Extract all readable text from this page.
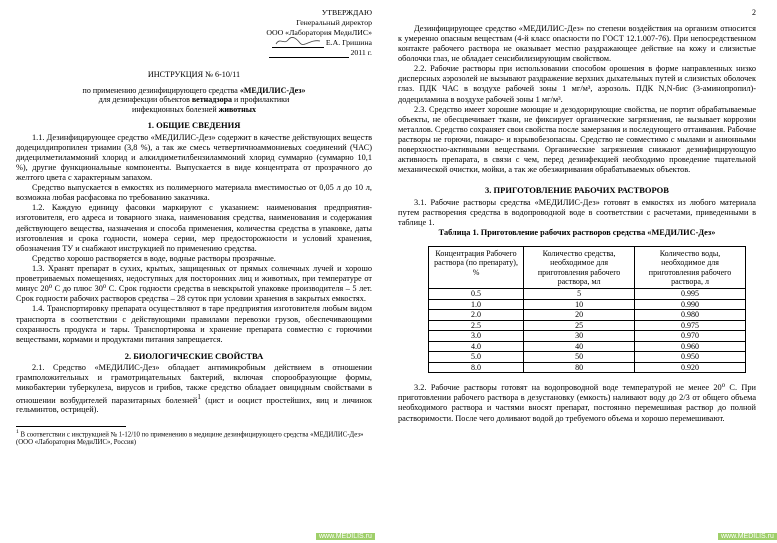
УТВЕРЖДАЮ
Генеральный директор
ООО «Лаборатория МедиЛИС»
Е.А. Гришина
2011 г.
ИНСТРУКЦИЯ № 6-10/11
по применению дезинфицирующего средства «МЕДИЛИС-Дез»
для дезинфекции объектов ветнадзора и профилактики
инфекционных болезней животных
1. ОБЩИЕ СВЕДЕНИЯ

1.1. Дезинфицирующее средство «МЕДИЛИС-Дез» содержит в качестве действующих веществ додецилдипропилен триамин (3,8 %), а так же смесь четвертичноаммониевых соединений (ЧАС) дидецилметиламмоний хлорид и алкилдиметилбензиламмоний хлорид суммарно (суммарно 10,1 %), другие функциональные компоненты. Выпускается в виде концентрата от прозрачного до желтого цвета с характерным запахом.

Средство выпускается в емкостях из полимерного материала вместимостью от 0,05 л до 10 л, возможна любая расфасовка по требованию заказчика.

1.2. Каждую единицу фасовки маркируют с указанием: наименования предприятия-изготовителя, его адреса и товарного знака, наименования средства, наименования и содержания действующего вещества, назначения и способа применения, количества средства в упаковке, даты изготовления и срока годности, номера серии, мер предосторожности и условий хранения, обозначения ТУ и снабжают инструкцией по применению средства.

Средство хорошо растворяется в воде, водные растворы прозрачные.

1.3. Хранят препарат в сухих, крытых, защищенных от прямых солнечных лучей и хорошо проветриваемых помещениях, недоступных для посторонних лиц и животных, при температуре от минус 20⁰ С до плюс 30⁰ С. Срок годности средства в невскрытой упаковке производителя – 5 лет. Срок годности рабочих растворов средства – 28 суток при условии хранения в закрытых емкостях.

1.4. Транспортировку препарата осуществляют в таре предприятия изготовителя любым видом транспорта в соответствии с действующими правилами перевозки грузов, обеспечивающими сохранность продукта и тары. Транспортировка и хранение препарата совместно с горючими веществами, кормами и продуктами питания запрещается.

2. БИОЛОГИЧЕСКИЕ СВОЙСТВА

2.1. Средство «МЕДИЛИС-Дез» обладает антимикробным действием в отношении грамположительных и грамотрицательных бактерий, включая спорообразующие формы, микобактерии туберкулеза, вирусов и грибов, также средство обладает овицидным свойствами в отношении возбудителей паразитарных болезней$^1$ (цист и ооцист простейших, яиц и личинок гельминтов, острицей).

$^1$ В соответствии с инструкцией № 1-12/10 по применению в медицине дезинфицирующего средства «МЕДИЛИС-Дез» (ООО «Лаборатория МедиЛИС», Россия)
2

Дезинфицирующее средство «МЕДИЛИС-Дез» по степени воздействия на организм относится к умеренно опасным веществам (4-й класс опасности по ГОСТ 12.1.007-76). При непосредственном контакте рабочего раствора не оказывает местно раздражающее действие на кожу и слизистые оболочки глаз, не обладает сенсибилизирующим свойством.

2.2. Рабочие растворы при использовании способом орошения в форме направленных низко дисперсных аэрозолей не вызывают раздражение верхних дыхательных путей и слизистых оболочек глаз. ПДК ЧАС в воздухе рабочей зоны 1 мг/м³, аэрозоль. ПДК N,N-бис (3-аминопропил)-додециламина в воздухе рабочей зоны 1 мг/м³.

2.3. Средство имеет хорошие моющие и дезодорирующие свойства, не портит обрабатываемые объекты, не обесцвечивает ткани, не фиксирует органические загрязнения, не вызывает коррозии металлов. Средство сохраняет свои свойства после замерзания и последующего оттаивания. Рабочие растворы не горючи, пожаро- и взрывобезопасны. Средство не совместимо с мылами и анионными поверхностно-активными веществами. Органические загрязнения снижают дезинфицирующую активность препарата, в связи с чем, перед дезинфекцией необходимо проведение тщательной механической очистки, мойки, а так же обезжиривания обрабатываемых объектов.

3. ПРИГОТОВЛЕНИЕ РАБОЧИХ РАСТВОРОВ

3.1. Рабочие растворы средства «МЕДИЛИС-Дез» готовят в емкостях из любого материала путем растворения средства в водопроводной воде в соответствии с расчетами, приведенными в таблице 1.

Таблица 1. Приготовление рабочих растворов средства «МЕДИЛИС-Дез»
Концентрация Рабочего раствора (по препарату), %	Количество средства, необходимое для приготовления рабочего раствора, мл	Количество воды, необходимое для приготовления рабочего раствора, л
0.5	5	0.995
1.0	10	0.990
2.0	20	0.980
2.5	25	0.975
3.0	30	0.970
4.0	40	0.960
5.0	50	0.950
8.0	80	0.920

3.2. Рабочие растворы готовят на водопроводной воде температурой не менее 20⁰ С. При приготовлении рабочего раствора в дезустановку (емкость) наливают воду до 2/3 от общего объема необходимого раствора и частями вносят препарат, постоянно перемешивая раствор до полной растворимости. После чего доливают водой до требуемого объема и хорошо перемешивают.

www.MEDILIS.ru	www.MEDILIS.ru
